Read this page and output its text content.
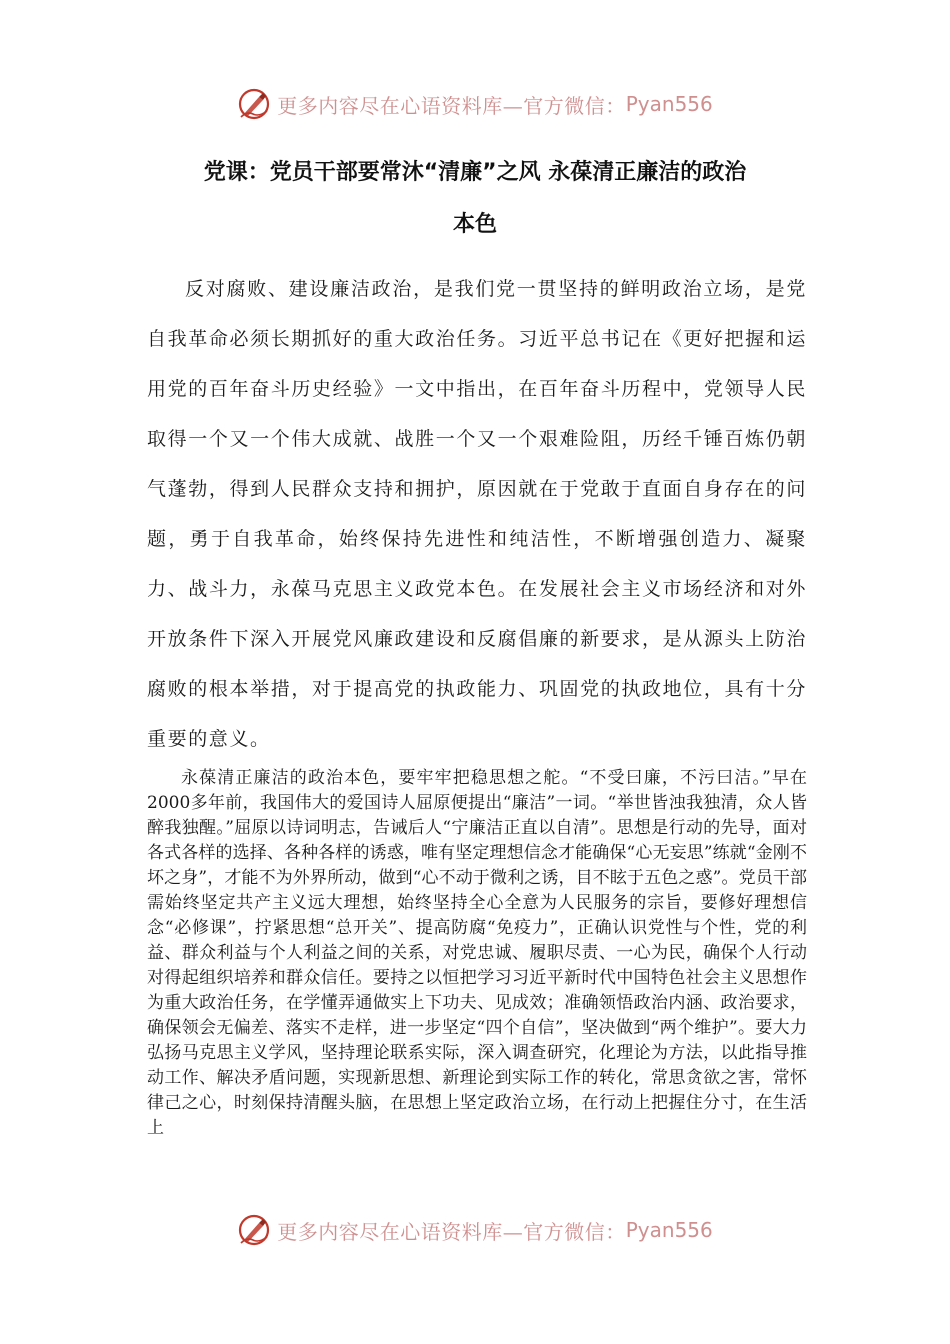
更多内容尽在心语资料库—官方微信： Pyan556
党课：党员干部要常沐“清廉”之风 永葆清正廉洁的政治
本色

反对腐败、建设廉洁政治，是我们党一贯坚持的鲜明政治立场，是党自我革命必须长期抓好的重大政治任务。习近平总书记在《更好把握和运用党的百年奋斗历史经验》一文中指出，在百年奋斗历程中，党领导人民取得一个又一个伟大成就、战胜一个又一个艰难险阻，历经千锤百炼仍朝气蓬勃，得到人民群众支持和拥护，原因就在于党敢于直面自身存在的问题，勇于自我革命，始终保持先进性和纯洁性，不断增强创造力、凝聚力、战斗力，永葆马克思主义政党本色。在发展社会主义市场经济和对外开放条件下深入开展党风廉政建设和反腐倡廉的新要求，是从源头上防治腐败的根本举措，对于提高党的执政能力、巩固党的执政地位，具有十分重要的意义。

永葆清正廉洁的政治本色，要牢牢把稳思想之舵。“不受曰廉，不污曰洁。”早在2000多年前，我国伟大的爱国诗人屈原便提出“廉洁”一词。“举世皆浊我独清，众人皆醉我独醒。”屈原以诗词明志，告诫后人“宁廉洁正直以自清”。思想是行动的先导，面对各式各样的选择、各种各样的诱惑，唯有坚定理想信念才能确保“心无妄思”练就“金刚不坏之身”，才能不为外界所动，做到“心不动于微利之诱，目不眩于五色之惑”。党员干部需始终坚定共产主义远大理想，始终坚持全心全意为人民服务的宗旨，要修好理想信念“必修课”，拧紧思想“总开关”、提高防腐“免疫力”，正确认识党性与个性，党的利益、群众利益与个人利益之间的关系，对党忠诚、履职尽责、一心为民，确保个人行动对得起组织培养和群众信任。要持之以恒把学习习近平新时代中国特色社会主义思想作为重大政治任务，在学懂弄通做实上下功夫、见成效；准确领悟政治内涵、政治要求，确保领会无偏差、落实不走样，进一步坚定“四个自信”，坚决做到“两个维护”。要大力弘扬马克思主义学风，坚持理论联系实际，深入调查研究，化理论为方法，以此指导推动工作、解决矛盾问题，实现新思想、新理论到实际工作的转化，常思贪欲之害，常怀律己之心，时刻保持清醒头脑，在思想上坚定政治立场，在行动上把握住分寸，在生活上

更多内容尽在心语资料库—官方微信： Pyan556
